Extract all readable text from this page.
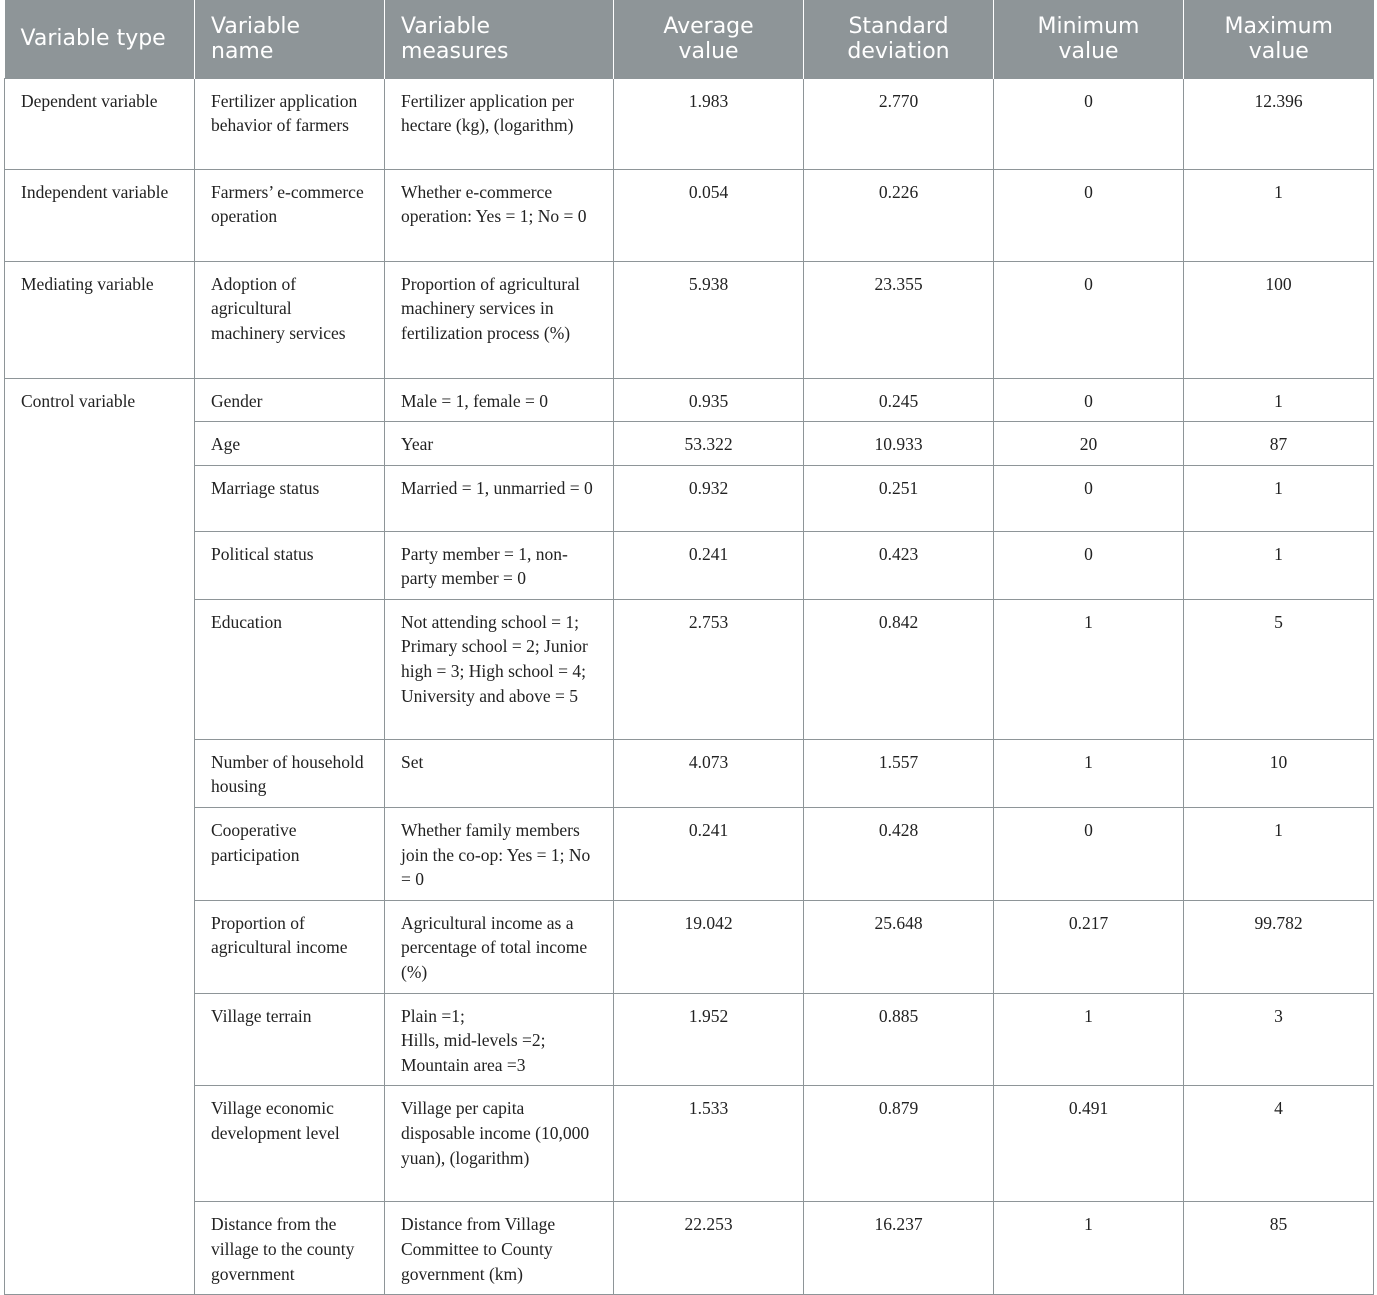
Variable type	Variable name	Variable measures	Average value	Standard deviation	Minimum value	Maximum value
Dependent variable	Fertilizer application behavior of farmers	Fertilizer application per hectare (kg), (logarithm)	1.983	2.770	0	12.396
Independent variable	Farmers’ e-commerce operation	Whether e-commerce operation: Yes = 1; No = 0	0.054	0.226	0	1
Mediating variable	Adoption of agricultural machinery services	Proportion of agricultural machinery services in fertilization process (%)	5.938	23.355	0	100
Control variable	Gender	Male = 1, female = 0	0.935	0.245	0	1
	Age	Year	53.322	10.933	20	87
	Marriage status	Married = 1, unmarried = 0	0.932	0.251	0	1
	Political status	Party member = 1, non-party member = 0	0.241	0.423	0	1
	Education	Not attending school = 1; Primary school = 2; Junior high = 3; High school = 4; University and above = 5	2.753	0.842	1	5
	Number of household housing	Set	4.073	1.557	1	10
	Cooperative participation	Whether family members join the co-op: Yes = 1; No = 0	0.241	0.428	0	1
	Proportion of agricultural income	Agricultural income as a percentage of total income (%)	19.042	25.648	0.217	99.782
	Village terrain	Plain =1;
Hills, mid-levels =2;
Mountain area =3	1.952	0.885	1	3
	Village economic development level	Village per capita disposable income (10,000 yuan), (logarithm)	1.533	0.879	0.491	4
	Distance from the village to the county government	Distance from Village Committee to County government (km)	22.253	16.237	1	85
